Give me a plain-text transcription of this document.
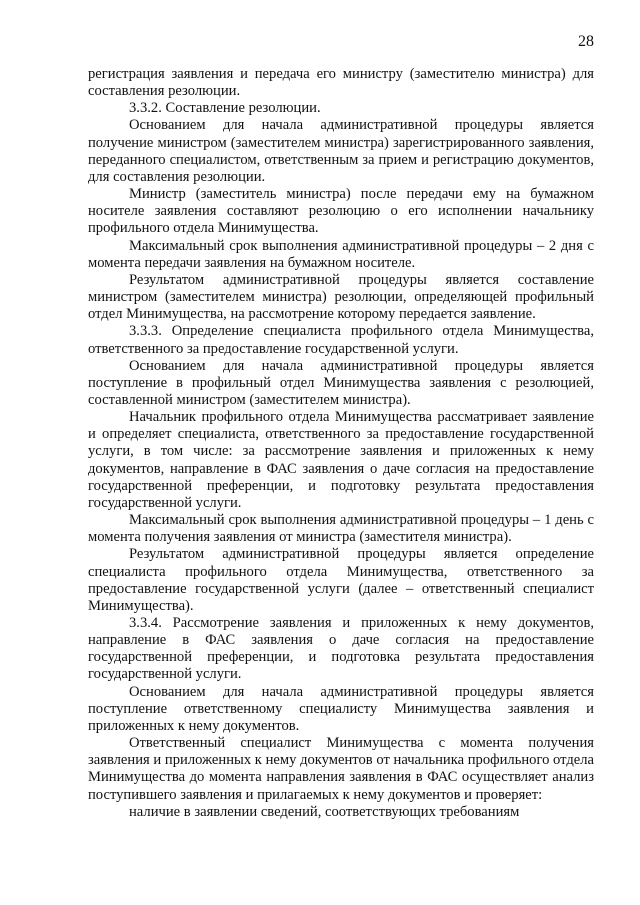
28

регистрация заявления и передача его министру (заместителю министра) для составления резолюции.

3.3.2. Составление резолюции.

Основанием для начала административной процедуры является получение министром (заместителем министра) зарегистрированного заявления, переданного специалистом, ответственным за прием и регистрацию документов, для составления резолюции.

Министр (заместитель министра) после передачи ему на бумажном носителе заявления составляют резолюцию о его исполнении начальнику профильного отдела Минимущества.

Максимальный срок выполнения административной процедуры – 2 дня с момента передачи заявления на бумажном носителе.

Результатом административной процедуры является составление министром (заместителем министра) резолюции, определяющей профильный отдел Минимущества, на рассмотрение которому передается заявление.

3.3.3. Определение специалиста профильного отдела Минимущества, ответственного за предоставление государственной услуги.

Основанием для начала административной процедуры является поступление в профильный отдел Минимущества заявления с резолюцией, составленной министром (заместителем министра).

Начальник профильного отдела Минимущества рассматривает заявление и определяет специалиста, ответственного за предоставление государственной услуги, в том числе: за рассмотрение заявления и приложенных к нему документов, направление в ФАС заявления о даче согласия на предоставление государственной преференции, и подготовку результата предоставления государственной услуги.

Максимальный срок выполнения административной процедуры – 1 день с момента получения заявления от министра (заместителя министра).

Результатом административной процедуры является определение специалиста профильного отдела Минимущества, ответственного за предоставление государственной услуги (далее – ответственный специалист Минимущества).

3.3.4. Рассмотрение заявления и приложенных к нему документов, направление в ФАС заявления о даче согласия на предоставление государственной преференции, и подготовка результата предоставления государственной услуги.

Основанием для начала административной процедуры является поступление ответственному специалисту Минимущества заявления и приложенных к нему документов.

Ответственный специалист Минимущества с момента получения заявления и приложенных к нему документов от начальника профильного отдела Минимущества до момента направления заявления в ФАС осуществляет анализ поступившего заявления и прилагаемых к нему документов и проверяет:

наличие в заявлении сведений, соответствующих требованиям
